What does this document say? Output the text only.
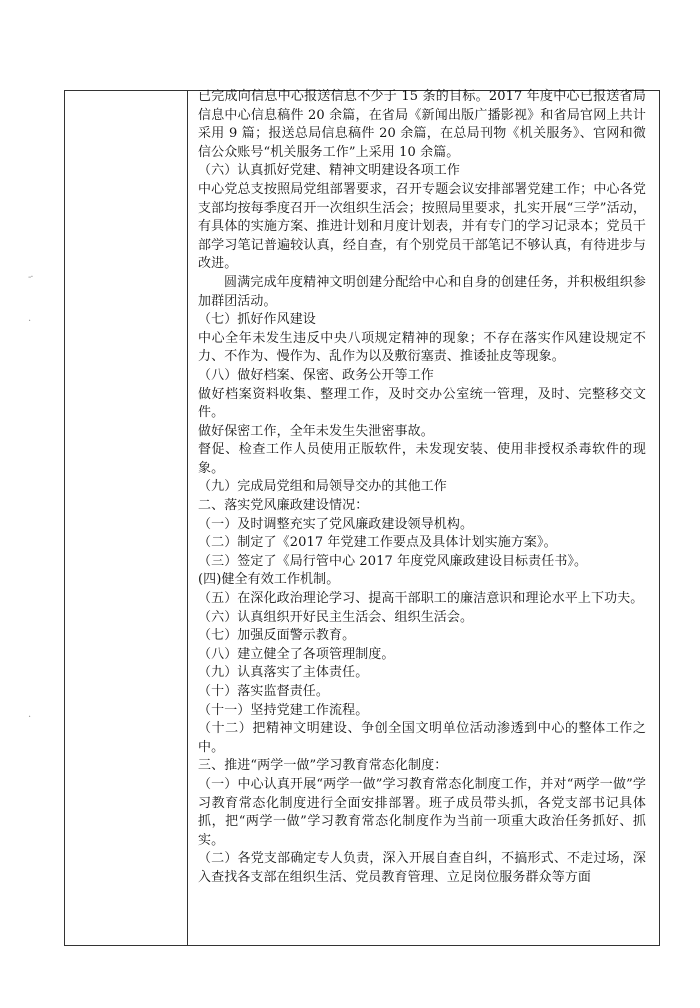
-·
·
·

已完成向信息中心报送信息不少于 15 条的目标。2017 年度中心已报送省局信息中心信息稿件 20 余篇，在省局《新闻出版广播影视》和省局官网上共计采用 9 篇；报送总局信息稿件 20 余篇，在总局刊物《机关服务》、官网和微信公众账号“机关服务工作”上采用 10 余篇。

（六）认真抓好党建、精神文明建设各项工作

中心党总支按照局党组部署要求，召开专题会议安排部署党建工作；中心各党支部均按每季度召开一次组织生活会；按照局里要求，扎实开展“三学”活动，有具体的实施方案、推进计划和月度计划表，并有专门的学习记录本；党员干部学习笔记普遍较认真，经自查，有个别党员干部笔记不够认真，有待进步与改进。

圆满完成年度精神文明创建分配给中心和自身的创建任务，并积极组织参加群团活动。

（七）抓好作风建设

中心全年未发生违反中央八项规定精神的现象；不存在落实作风建设规定不力、不作为、慢作为、乱作为以及敷衍塞责、推诿扯皮等现象。

（八）做好档案、保密、政务公开等工作

做好档案资料收集、整理工作，及时交办公室统一管理，及时、完整移交文件。

做好保密工作，全年未发生失泄密事故。

督促、检查工作人员使用正版软件，未发现安装、使用非授权杀毒软件的现象。

（九）完成局党组和局领导交办的其他工作

二、落实党风廉政建设情况：

（一）及时调整充实了党风廉政建设领导机构。

（二）制定了《2017 年党建工作要点及具体计划实施方案》。

（三）签定了《局行管中心 2017 年度党风廉政建设目标责任书》。

(四)健全有效工作机制。

（五）在深化政治理论学习、提高干部职工的廉洁意识和理论水平上下功夫。

（六）认真组织开好民主生活会、组织生活会。

（七）加强反面警示教育。

（八）建立健全了各项管理制度。

（九）认真落实了主体责任。

（十）落实监督责任。

（十一）坚持党建工作流程。

（十二）把精神文明建设、争创全国文明单位活动渗透到中心的整体工作之中。

三、推进“两学一做”学习教育常态化制度：

（一）中心认真开展“两学一做”学习教育常态化制度工作，并对“两学一做”学习教育常态化制度进行全面安排部署。班子成员带头抓，各党支部书记具体抓，把“两学一做”学习教育常态化制度作为当前一项重大政治任务抓好、抓实。

（二）各党支部确定专人负责，深入开展自查自纠，不搞形式、不走过场，深入查找各支部在组织生活、党员教育管理、立足岗位服务群众等方面
